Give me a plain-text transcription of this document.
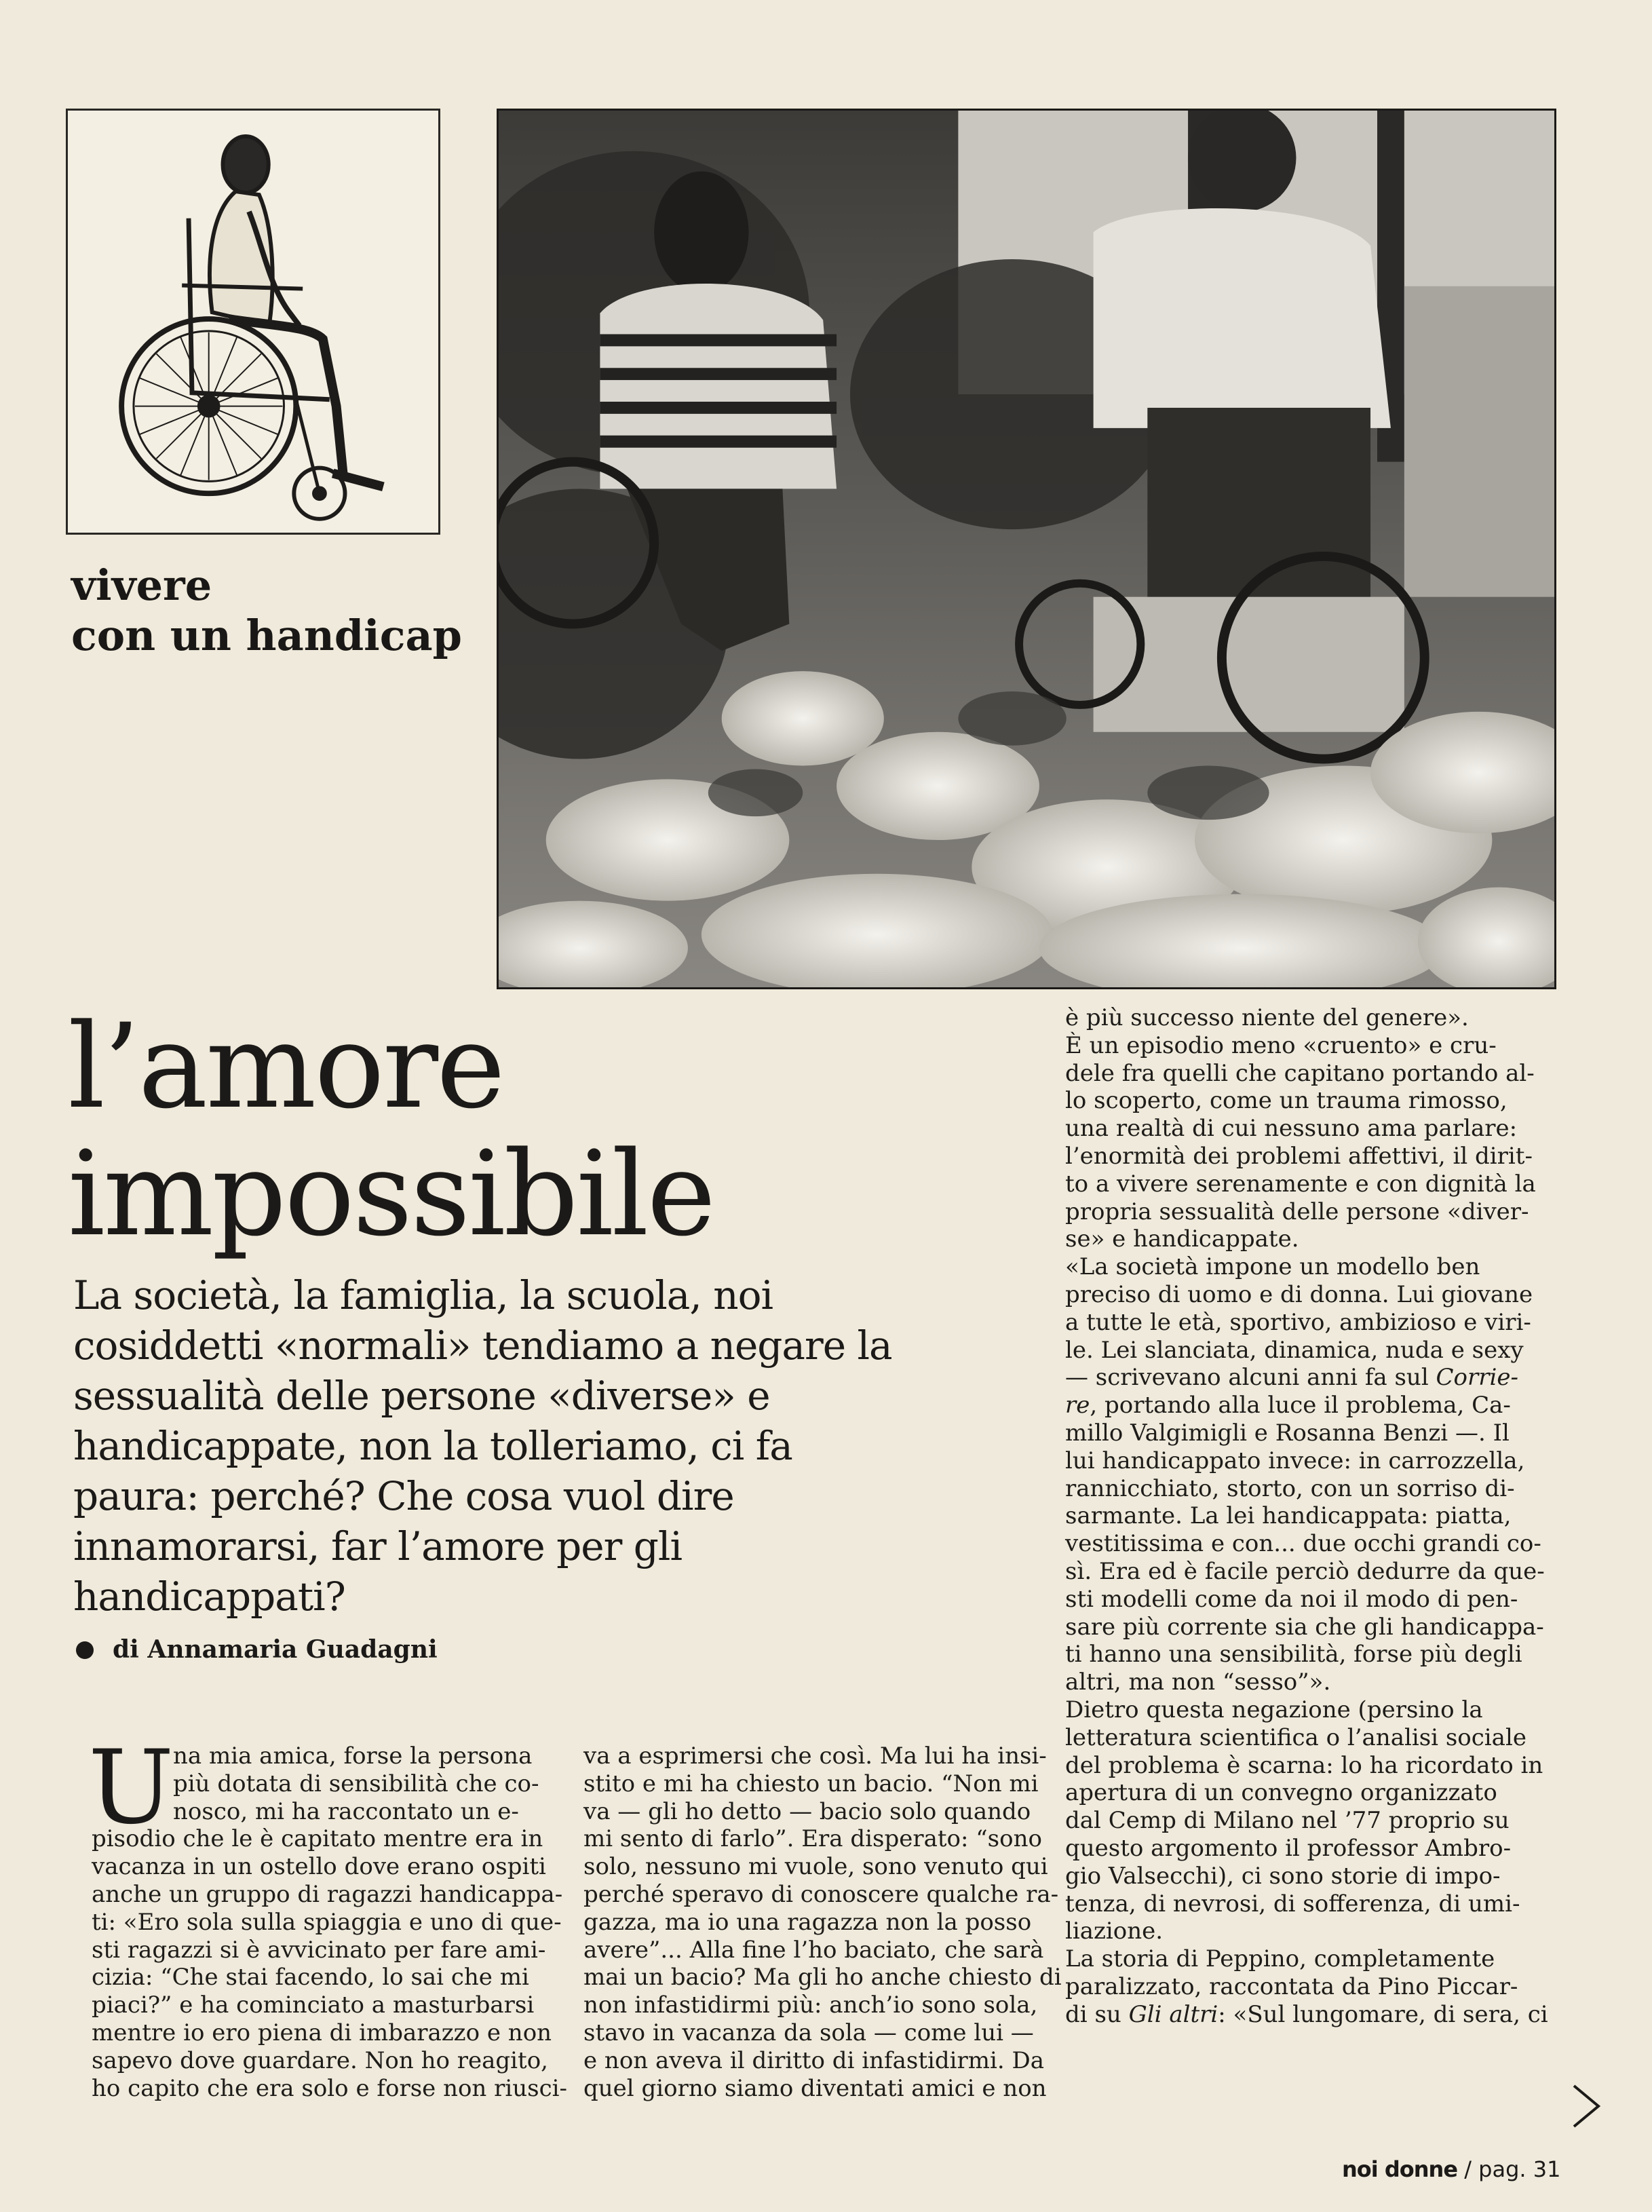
vivere
con un handicap
l’amore
impossibile
La società, la famiglia, la scuola, noi
cosiddetti «normali» tendiamo a negare la
sessualità delle persone «diverse» e
handicappate, non la tolleriamo, ci fa
paura: perché? Che cosa vuol dire
innamorarsi, far l’amore per gli
handicappati?
di Annamaria Guadagni
U
na mia amica, forse la persona
più dotata di sensibilità che co-
nosco, mi ha raccontato un e-
pisodio che le è capitato mentre era in
vacanza in un ostello dove erano ospiti
anche un gruppo di ragazzi handicappa-
ti: «Ero sola sulla spiaggia e uno di que-
sti ragazzi si è avvicinato per fare ami-
cizia: “Che stai facendo, lo sai che mi
piaci?” e ha cominciato a masturbarsi
mentre io ero piena di imbarazzo e non
sapevo dove guardare. Non ho reagito,
ho capito che era solo e forse non riusci-
va a esprimersi che così. Ma lui ha insi-
stito e mi ha chiesto un bacio. “Non mi
va — gli ho detto — bacio solo quando
mi sento di farlo”. Era disperato: “sono
solo, nessuno mi vuole, sono venuto qui
perché speravo di conoscere qualche ra-
gazza, ma io una ragazza non la posso
avere”... Alla fine l’ho baciato, che sarà
mai un bacio? Ma gli ho anche chiesto di
non infastidirmi più: anch’io sono sola,
stavo in vacanza da sola — come lui —
e non aveva il diritto di infastidirmi. Da
quel giorno siamo diventati amici e non
è più successo niente del genere».
È un episodio meno «cruento» e cru-
dele fra quelli che capitano portando al-
lo scoperto, come un trauma rimosso,
una realtà di cui nessuno ama parlare:
l’enormità dei problemi affettivi, il dirit-
to a vivere serenamente e con dignità la
propria sessualità delle persone «diver-
se» e handicappate.
«La società impone un modello ben
preciso di uomo e di donna. Lui giovane
a tutte le età, sportivo, ambizioso e viri-
le. Lei slanciata, dinamica, nuda e sexy
— scrivevano alcuni anni fa sul Corrie-
re, portando alla luce il problema, Ca-
millo Valgimigli e Rosanna Benzi —. Il
lui handicappato invece: in carrozzella,
rannicchiato, storto, con un sorriso di-
sarmante. La lei handicappata: piatta,
vestitissima e con... due occhi grandi co-
sì. Era ed è facile perciò dedurre da que-
sti modelli come da noi il modo di pen-
sare più corrente sia che gli handicappa-
ti hanno una sensibilità, forse più degli
altri, ma non “sesso”».
Dietro questa negazione (persino la
letteratura scientifica o l’analisi sociale
del problema è scarna: lo ha ricordato in
apertura di un convegno organizzato
dal Cemp di Milano nel ’77 proprio su
questo argomento il professor Ambro-
gio Valsecchi), ci sono storie di impo-
tenza, di nevrosi, di sofferenza, di umi-
liazione.
La storia di Peppino, completamente
paralizzato, raccontata da Pino Piccar-
di su Gli altri: «Sul lungomare, di sera, ci
noi donne / pag. 31
